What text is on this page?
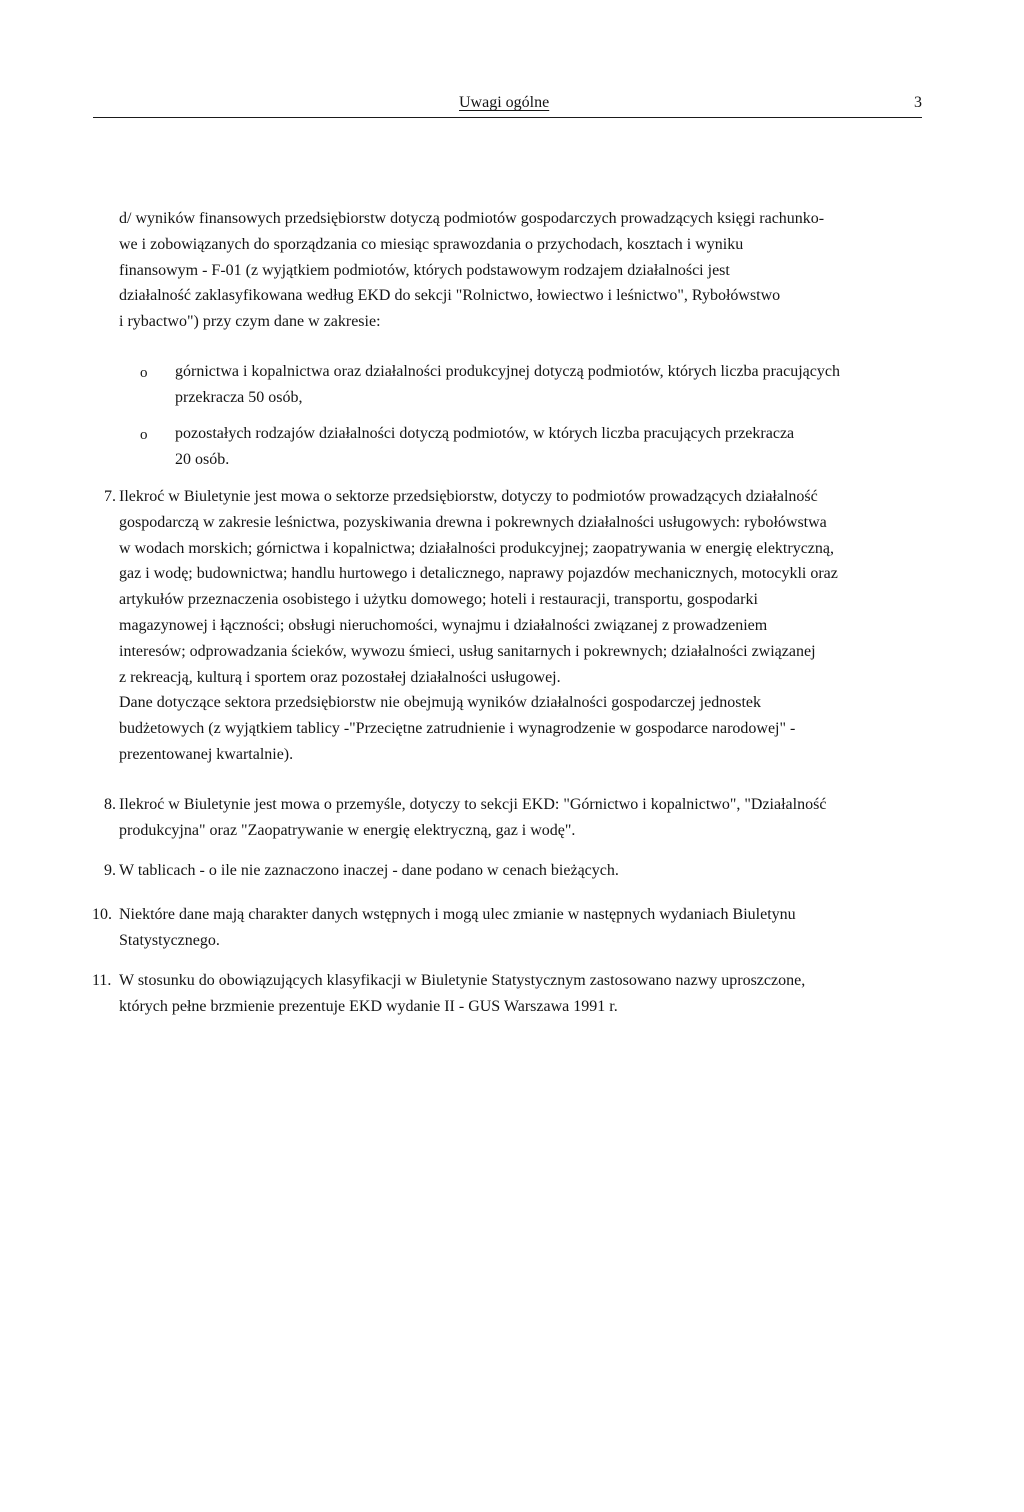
Uwagi ogólne	3

d/ wyników finansowych przedsiębiorstw dotyczą podmiotów gospodarczych prowadzących księgi rachunko-
we i zobowiązanych do sporządzania co miesiąc sprawozdania o przychodach, kosztach i wyniku
finansowym - F-01 (z wyjątkiem podmiotów, których podstawowym rodzajem działalności jest
działalność zaklasyfikowana według EKD do sekcji "Rolnictwo, łowiectwo i leśnictwo", Rybołówstwo
i rybactwo") przy czym dane w zakresie:

o górnictwa i kopalnictwa oraz działalności produkcyjnej dotyczą podmiotów, których liczba pracujących
przekracza 50 osób,

o pozostałych rodzajów działalności dotyczą podmiotów, w których liczba pracujących przekracza
20 osób.

7. Ilekroć w Biuletynie jest mowa o sektorze przedsiębiorstw, dotyczy to podmiotów prowadzących działalność
gospodarczą w zakresie leśnictwa, pozyskiwania drewna i pokrewnych działalności usługowych: rybołówstwa
w wodach morskich; górnictwa i kopalnictwa; działalności produkcyjnej; zaopatrywania w energię elektryczną,
gaz i wodę; budownictwa; handlu hurtowego i detalicznego, naprawy pojazdów mechanicznych, motocykli oraz
artykułów przeznaczenia osobistego i użytku domowego; hoteli i restauracji, transportu, gospodarki
magazynowej i łączności; obsługi nieruchomości, wynajmu i działalności związanej z prowadzeniem
interesów; odprowadzania ścieków, wywozu śmieci, usług sanitarnych i pokrewnych; działalności związanej
z rekreacją, kulturą i sportem oraz pozostałej działalności usługowej.
Dane dotyczące sektora przedsiębiorstw nie obejmują wyników działalności gospodarczej jednostek
budżetowych (z wyjątkiem tablicy -"Przeciętne zatrudnienie i wynagrodzenie w gospodarce narodowej" -
prezentowanej kwartalnie).

8. Ilekroć w Biuletynie jest mowa o przemyśle, dotyczy to sekcji EKD: "Górnictwo i kopalnictwo", "Działalność
produkcyjna" oraz "Zaopatrywanie w energię elektryczną, gaz i wodę".

9. W tablicach - o ile nie zaznaczono inaczej - dane podano w cenach bieżących.

10. Niektóre dane mają charakter danych wstępnych i mogą ulec zmianie w następnych wydaniach Biuletynu
Statystycznego.

11. W stosunku do obowiązujących klasyfikacji w Biuletynie Statystycznym zastosowano nazwy uproszczone,
których pełne brzmienie prezentuje EKD wydanie II - GUS Warszawa 1991 r.
